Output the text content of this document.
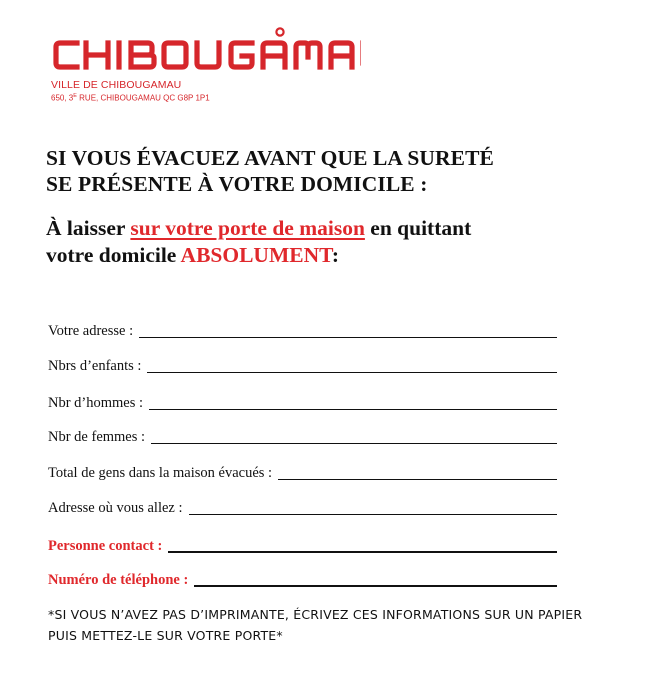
VILLE DE CHIBOUGAMAU
650, $3^E$ RUE, CHIBOUGAMAU QC G8P 1P1
SI VOUS ÉVACUEZ AVANT QUE LA SURETÉ
SE PRÉSENTE À VOTRE DOMICILE :

À laisser sur votre porte de maison en quittant
votre domicile ABSOLUMENT:

Votre adresse :
Nbrs d’enfants :
Nbr d’hommes :
Nbr de femmes :
Total de gens dans la maison évacués :
Adresse où vous allez :
Personne contact :
Numéro de téléphone :

*SI VOUS N’AVEZ PAS D’IMPRIMANTE, ÉCRIVEZ CES INFORMATIONS SUR UN PAPIER PUIS METTEZ-LE SUR VOTRE PORTE*
